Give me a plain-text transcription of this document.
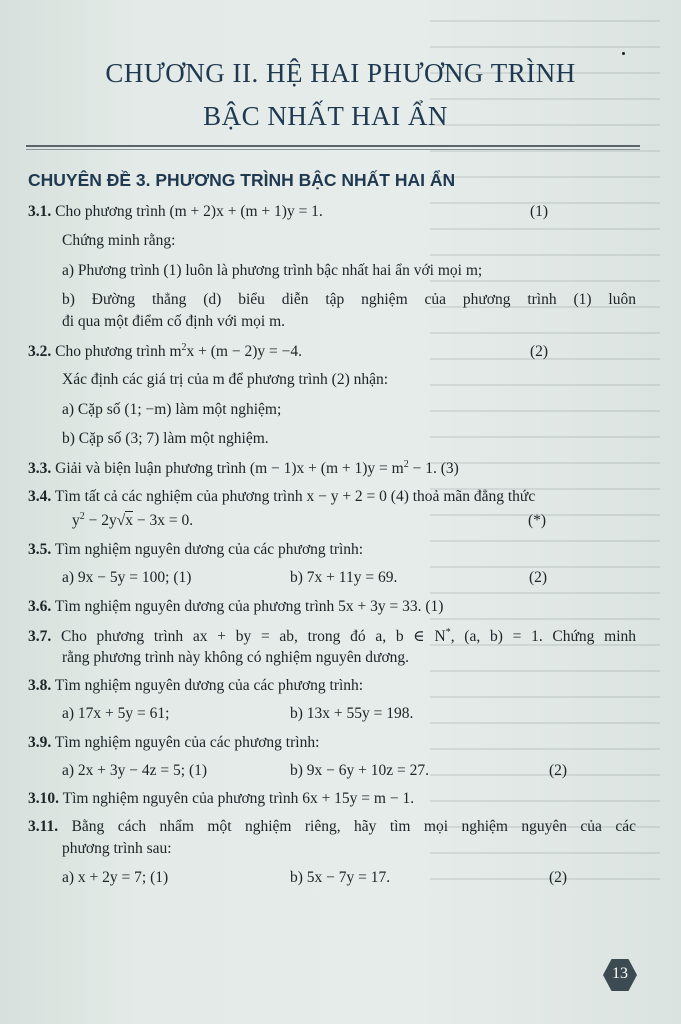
CHƯƠNG II. HỆ HAI PHƯƠNG TRÌNH
BẬC NHẤT HAI ẨN
CHUYÊN ĐỀ 3. PHƯƠNG TRÌNH BẬC NHẤT HAI ẨN
3.1. Cho phương trình (m + 2)x + (m + 1)y = 1.	(1)
Chứng minh rằng:
a) Phương trình (1) luôn là phương trình bậc nhất hai ẩn với mọi m;
b) Đường thẳng (d) biểu diễn tập nghiệm của phương trình (1) luôn
đi qua một điểm cố định với mọi m.
3.2. Cho phương trình $m^2x + (m - 2)y = -4$.	(2)
Xác định các giá trị của m để phương trình (2) nhận:
a) Cặp số (1; −m) làm một nghiệm;
b) Cặp số (3; 7) làm một nghiệm.
3.3. Giải và biện luận phương trình $(m - 1)x + (m + 1)y = m^2 - 1$. (3)
3.4. Tìm tất cả các nghiệm của phương trình x − y + 2 = 0 (4) thoả mãn đẳng thức
$y^2 - 2y√x - 3x = 0$.	(*)
3.5. Tìm nghiệm nguyên dương của các phương trình:
a) 9x − 5y = 100; (1)	b) 7x + 11y = 69.	(2)
3.6. Tìm nghiệm nguyên dương của phương trình 5x + 3y = 33. (1)
3.7. Cho phương trình ax + by = ab, trong đó a, b ∈ N*, (a, b) = 1. Chứng minh
rằng phương trình này không có nghiệm nguyên dương.
3.8. Tìm nghiệm nguyên dương của các phương trình:
a) 17x + 5y = 61;	b) 13x + 55y = 198.
3.9. Tìm nghiệm nguyên của các phương trình:
a) 2x + 3y − 4z = 5; (1)	b) 9x − 6y + 10z = 27.	(2)
3.10. Tìm nghiệm nguyên của phương trình 6x + 15y = m − 1.
3.11. Bằng cách nhẩm một nghiệm riêng, hãy tìm mọi nghiệm nguyên của các
phương trình sau:
a) x + 2y = 7; (1)	b) 5x − 7y = 17.	(2)
13
